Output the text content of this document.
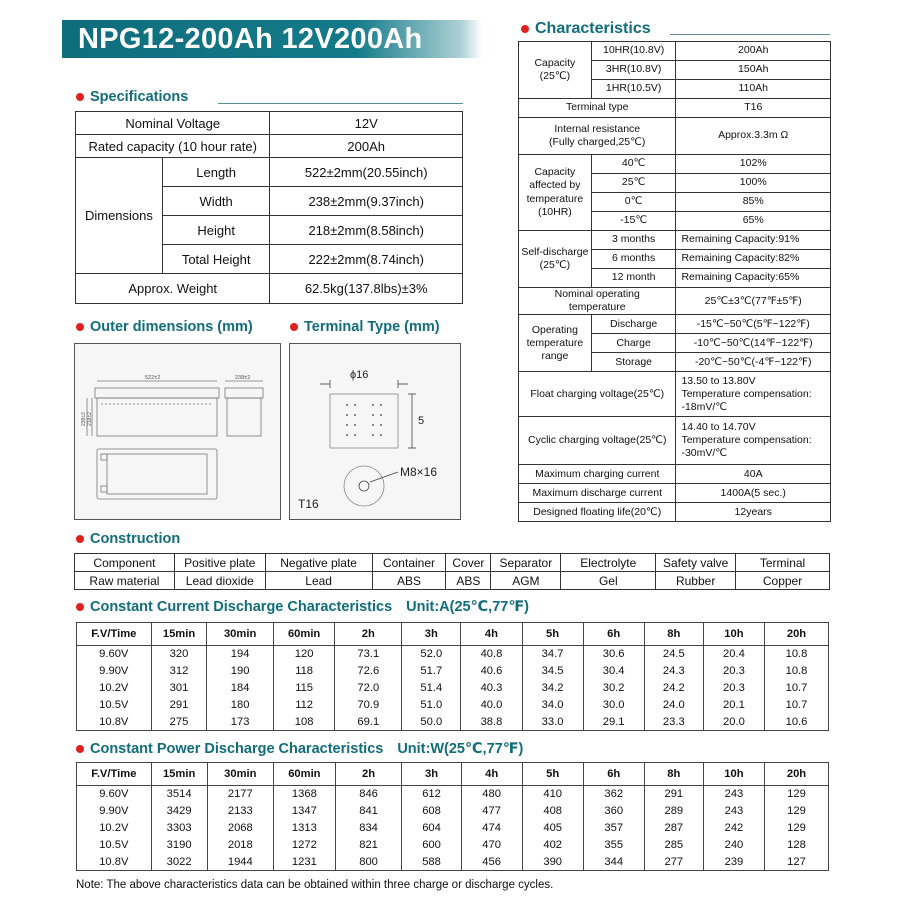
NPG12-200Ah 12V200Ah
Specifications
Nominal Voltage		12V
Rated capacity (10 hour rate)		200Ah
Dimensions	Length	522±2mm(20.55inch)
	Width	238±2mm(9.37inch)
	Height	218±2mm(8.58inch)
	Total Height	222±2mm(8.74inch)
Approx. Weight		62.5kg(137.8lbs)±3%
Outer dimensions (mm)	Terminal Type (mm)
522±2	238±2
238±2 218±2
ϕ16
5
M8×16
T16
Characteristics
Capacity
(25℃)	10HR(10.8V)	200Ah
	3HR(10.8V)	150Ah
	1HR(10.5V)	110Ah
Terminal type		T16
Internal resistance
(Fully charged,25℃)		Approx.3.3m Ω
Capacity
affected by
temperature
(10HR)	40℃	102%
	25℃	100%
	0℃	85%
	-15℃	65%
Self-discharge
(25℃)	3 months	Remaining Capacity:91%
	6 months	Remaining Capacity:82%
	12 month	Remaining Capacity:65%
Nominal operating
temperature		25℃±3℃(77℉±5℉)
Operating
temperature
range	Discharge	-15℃~50℃(5℉~122℉)
	Charge	-10℃~50℃(14℉~122℉)
	Storage	-20℃~50℃(-4℉~122℉)
Float charging voltage(25℃)		13.50 to 13.80V
Temperature compensation:
-18mV/℃
Cyclic charging voltage(25℃)		14.40 to 14.70V
Temperature compensation:
-30mV/℃
Maximum charging current		40A
Maximum discharge current		1400A(5 sec.)
Designed floating life(20℃)		12years
Construction
Component	Positive plate	Negative plate	Container	Cover	Separator	Electrolyte	Safety valve	Terminal
Raw material	Lead dioxide	Lead	ABS	ABS	AGM	Gel	Rubber	Copper
Constant Current Discharge Characteristics Unit:A(25℃,77℉)
F.V/Time	15min	30min	60min	2h	3h	4h	5h	6h	8h	10h	20h
9.60V	320	194	120	73.1	52.0	40.8	34.7	30.6	24.5	20.4	10.8
9.90V	312	190	118	72.6	51.7	40.6	34.5	30.4	24.3	20.3	10.8
10.2V	301	184	115	72.0	51.4	40.3	34.2	30.2	24.2	20.3	10.7
10.5V	291	180	112	70.9	51.0	40.0	34.0	30.0	24.0	20.1	10.7
10.8V	275	173	108	69.1	50.0	38.8	33.0	29.1	23.3	20.0	10.6
Constant Power Discharge Characteristics Unit:W(25℃,77℉)
F.V/Time	15min	30min	60min	2h	3h	4h	5h	6h	8h	10h	20h
9.60V	3514	2177	1368	846	612	480	410	362	291	243	129
9.90V	3429	2133	1347	841	608	477	408	360	289	243	129
10.2V	3303	2068	1313	834	604	474	405	357	287	242	129
10.5V	3190	2018	1272	821	600	470	402	355	285	240	128
10.8V	3022	1944	1231	800	588	456	390	344	277	239	127
Note: The above characteristics data can be obtained within three charge or discharge cycles.
